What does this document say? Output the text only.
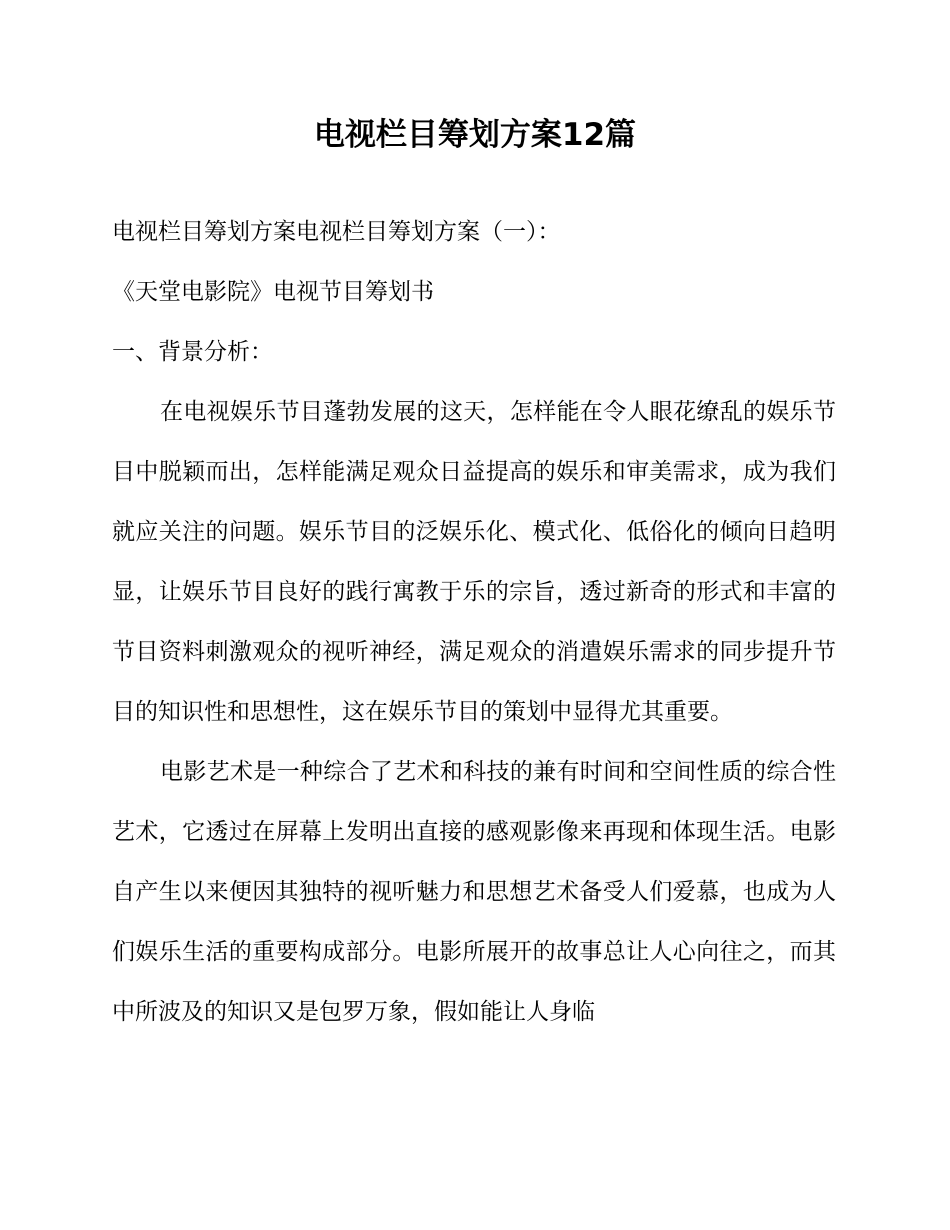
电视栏目筹划方案12篇

电视栏目筹划方案电视栏目筹划方案（一）：

《天堂电影院》电视节目筹划书

一、背景分析：

在电视娱乐节目蓬勃发展的这天，怎样能在令人眼花缭乱的娱乐节目中脱颖而出，怎样能满足观众日益提高的娱乐和审美需求，成为我们就应关注的问题。娱乐节目的泛娱乐化、模式化、低俗化的倾向日趋明显，让娱乐节目良好的践行寓教于乐的宗旨，透过新奇的形式和丰富的节目资料刺激观众的视听神经，满足观众的消遣娱乐需求的同步提升节目的知识性和思想性，这在娱乐节目的策划中显得尤其重要。

电影艺术是一种综合了艺术和科技的兼有时间和空间性质的综合性艺术，它透过在屏幕上发明出直接的感观影像来再现和体现生活。电影自产生以来便因其独特的视听魅力和思想艺术备受人们爱慕，也成为人们娱乐生活的重要构成部分。电影所展开的故事总让人心向往之，而其中所波及的知识又是包罗万象，假如能让人身临
